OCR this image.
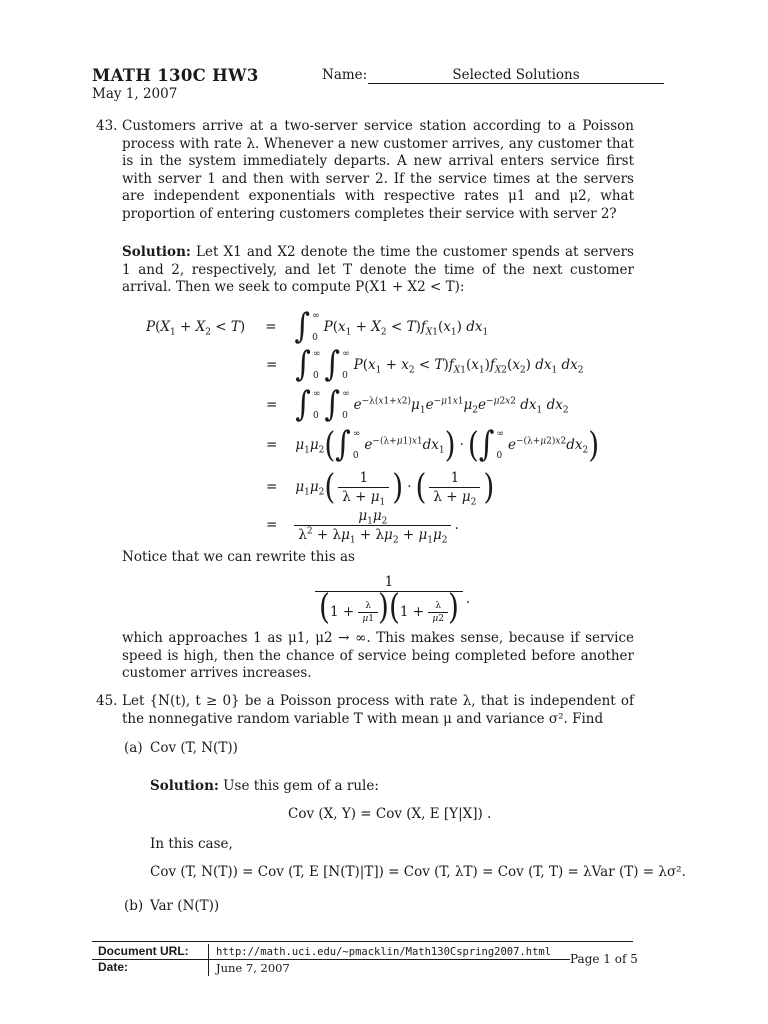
MATH 130C HW3
May 1, 2007
Name:	Selected Solutions
43. Customers arrive at a two-server service station according to a Poisson process with rate λ. Whenever a new customer arrives, any customer that is in the system immediately departs. A new arrival enters service first with server 1 and then with server 2. If the service times at the servers are independent exponentials with respective rates μ1 and μ2, what proportion of entering customers completes their service with server 2?

Solution: Let X1 and X2 denote the time the customer spends at servers 1 and 2, respectively, and let T denote the time of the next customer arrival. Then we seek to compute P(X1 + X2 < T):

$P(X_1 + X_2 < T)$ = ∫ ∞
0
$P(x_1 + X_2 < T)f_{X1}(x_1)$ $dx_1$
= ∫ ∞
0 ∫ ∞
0
$P(x_1 + x_2 < T)f_{X1}(x_1)f_{X2}(x_2)$ $dx_1$ $dx_2$
= ∫ ∞
0 ∫ ∞
0
$e^{-\lambda(x1+x2)}\mu_1e^{-\mu 1x1}\mu_2e^{-\mu 2x2}$ $dx_1$ $dx_2$
= $\mu_1\mu_2$ ( ∫ ∞
0
$e^{-(\lambda+\mu 1)x1}dx_1$ ) · ( ∫ ∞
0
$e^{-(\lambda+\mu 2)x2}dx_2$ )
= $\mu_1\mu_2$ ( $\frac{1}{\lambda + \mu_1}$ ) · ( $\frac{1}{\lambda + \mu_2}$ )
= $\frac{\mu_1\mu_2}{\lambda^2 + \lambda\mu_1 + \lambda\mu_2 + \mu_1\mu_2}$ .

Notice that we can rewrite this as

$\frac{1}{(1 + \frac{\lambda}{\mu 1} )(1 + \frac{\lambda}{\mu 2} )}$ .

which approaches 1 as μ1, μ2 → ∞. This makes sense, because if service speed is high, then the chance of service being completed before another customer arrives increases.

45. Let {N(t), t ≥ 0} be a Poisson process with rate λ, that is independent of the nonnegative random variable T with mean μ and variance σ². Find

(a) Cov (T, N(T))
Solution: Use this gem of a rule:
Cov (X, Y) = Cov (X, E [Y|X]) .
In this case,
Cov (T, N(T)) = Cov (T, E [N(T)|T]) = Cov (T, λT) = Cov (T, T) = λVar (T) = λσ².
(b) Var (N(T))
Document URL:	http://math.uci.edu/~pmacklin/Math130Cspring2007.html
Date:	June 7, 2007
Page 1 of 5
